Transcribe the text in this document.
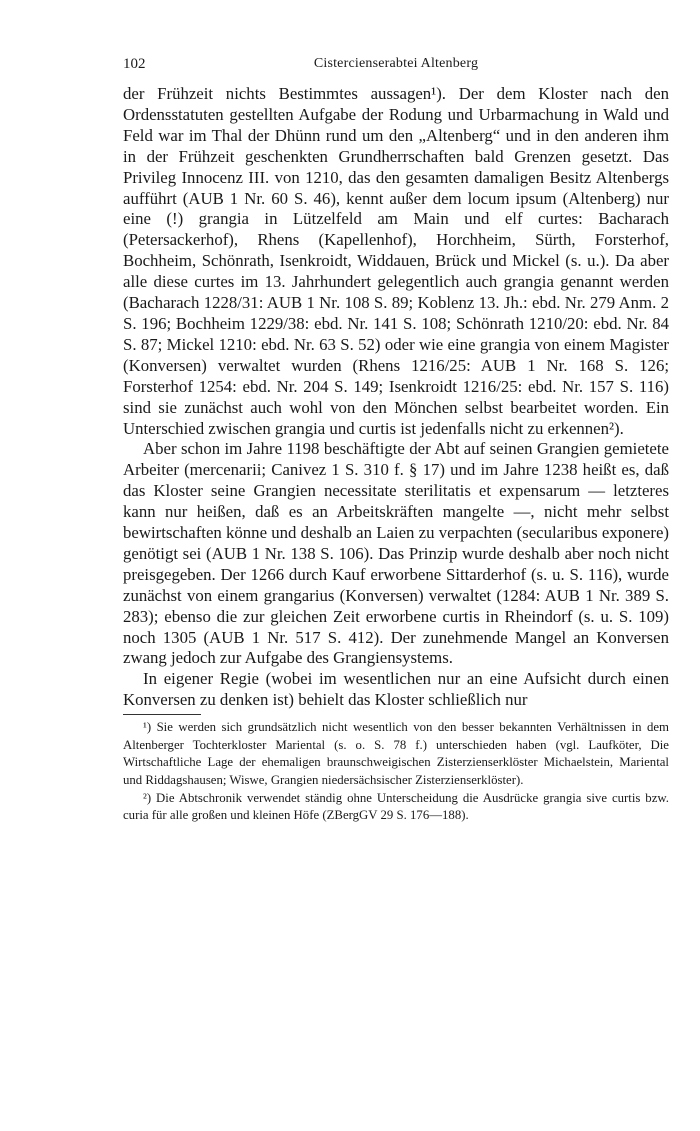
102	Cistercienserabtei Altenberg

der Frühzeit nichts Bestimmtes aussagen¹). Der dem Kloster nach den Ordensstatuten gestellten Aufgabe der Rodung und Urbarmachung in Wald und Feld war im Thal der Dhünn rund um den „Altenberg“ und in den anderen ihm in der Frühzeit geschenkten Grundherrschaften bald Grenzen gesetzt. Das Privileg Innocenz III. von 1210, das den gesamten damaligen Besitz Altenbergs aufführt (AUB 1 Nr. 60 S. 46), kennt außer dem locum ipsum (Altenberg) nur eine (!) grangia in Lützelfeld am Main und elf curtes: Bacharach (Petersackerhof), Rhens (Kapellenhof), Horchheim, Sürth, Forsterhof, Bochheim, Schönrath, Isenkroidt, Widdauen, Brück und Mickel (s. u.). Da aber alle diese curtes im 13. Jahrhundert gelegentlich auch grangia genannt werden (Bacharach 1228/31: AUB 1 Nr. 108 S. 89; Koblenz 13. Jh.: ebd. Nr. 279 Anm. 2 S. 196; Bochheim 1229/38: ebd. Nr. 141 S. 108; Schönrath 1210/20: ebd. Nr. 84 S. 87; Mickel 1210: ebd. Nr. 63 S. 52) oder wie eine grangia von einem Magister (Konversen) verwaltet wurden (Rhens 1216/25: AUB 1 Nr. 168 S. 126; Forsterhof 1254: ebd. Nr. 204 S. 149; Isenkroidt 1216/25: ebd. Nr. 157 S. 116) sind sie zunächst auch wohl von den Mönchen selbst bearbeitet worden. Ein Unterschied zwischen grangia und curtis ist jedenfalls nicht zu erkennen²).

Aber schon im Jahre 1198 beschäftigte der Abt auf seinen Grangien gemietete Arbeiter (mercenarii; Canivez 1 S. 310 f. § 17) und im Jahre 1238 heißt es, daß das Kloster seine Grangien necessitate sterilitatis et expensarum — letzteres kann nur heißen, daß es an Arbeitskräften mangelte —, nicht mehr selbst bewirtschaften könne und deshalb an Laien zu verpachten (secularibus exponere) genötigt sei (AUB 1 Nr. 138 S. 106). Das Prinzip wurde deshalb aber noch nicht preisgegeben. Der 1266 durch Kauf erworbene Sittarderhof (s. u. S. 116), wurde zunächst von einem grangarius (Konversen) verwaltet (1284: AUB 1 Nr. 389 S. 283); ebenso die zur gleichen Zeit erworbene curtis in Rheindorf (s. u. S. 109) noch 1305 (AUB 1 Nr. 517 S. 412). Der zunehmende Mangel an Konversen zwang jedoch zur Aufgabe des Grangiensystems.

In eigener Regie (wobei im wesentlichen nur an eine Aufsicht durch einen Konversen zu denken ist) behielt das Kloster schließlich nur

¹) Sie werden sich grundsätzlich nicht wesentlich von den besser bekannten Verhältnissen in dem Altenberger Tochterkloster Mariental (s. o. S. 78 f.) unterschieden haben (vgl. Laufköter, Die Wirtschaftliche Lage der ehemaligen braunschweigischen Zisterzienserklöster Michaelstein, Mariental und Riddagshausen; Wiswe, Grangien niedersächsischer Zisterzienserklöster).

²) Die Abtschronik verwendet ständig ohne Unterscheidung die Ausdrücke grangia sive curtis bzw. curia für alle großen und kleinen Höfe (ZBergGV 29 S. 176—188).
